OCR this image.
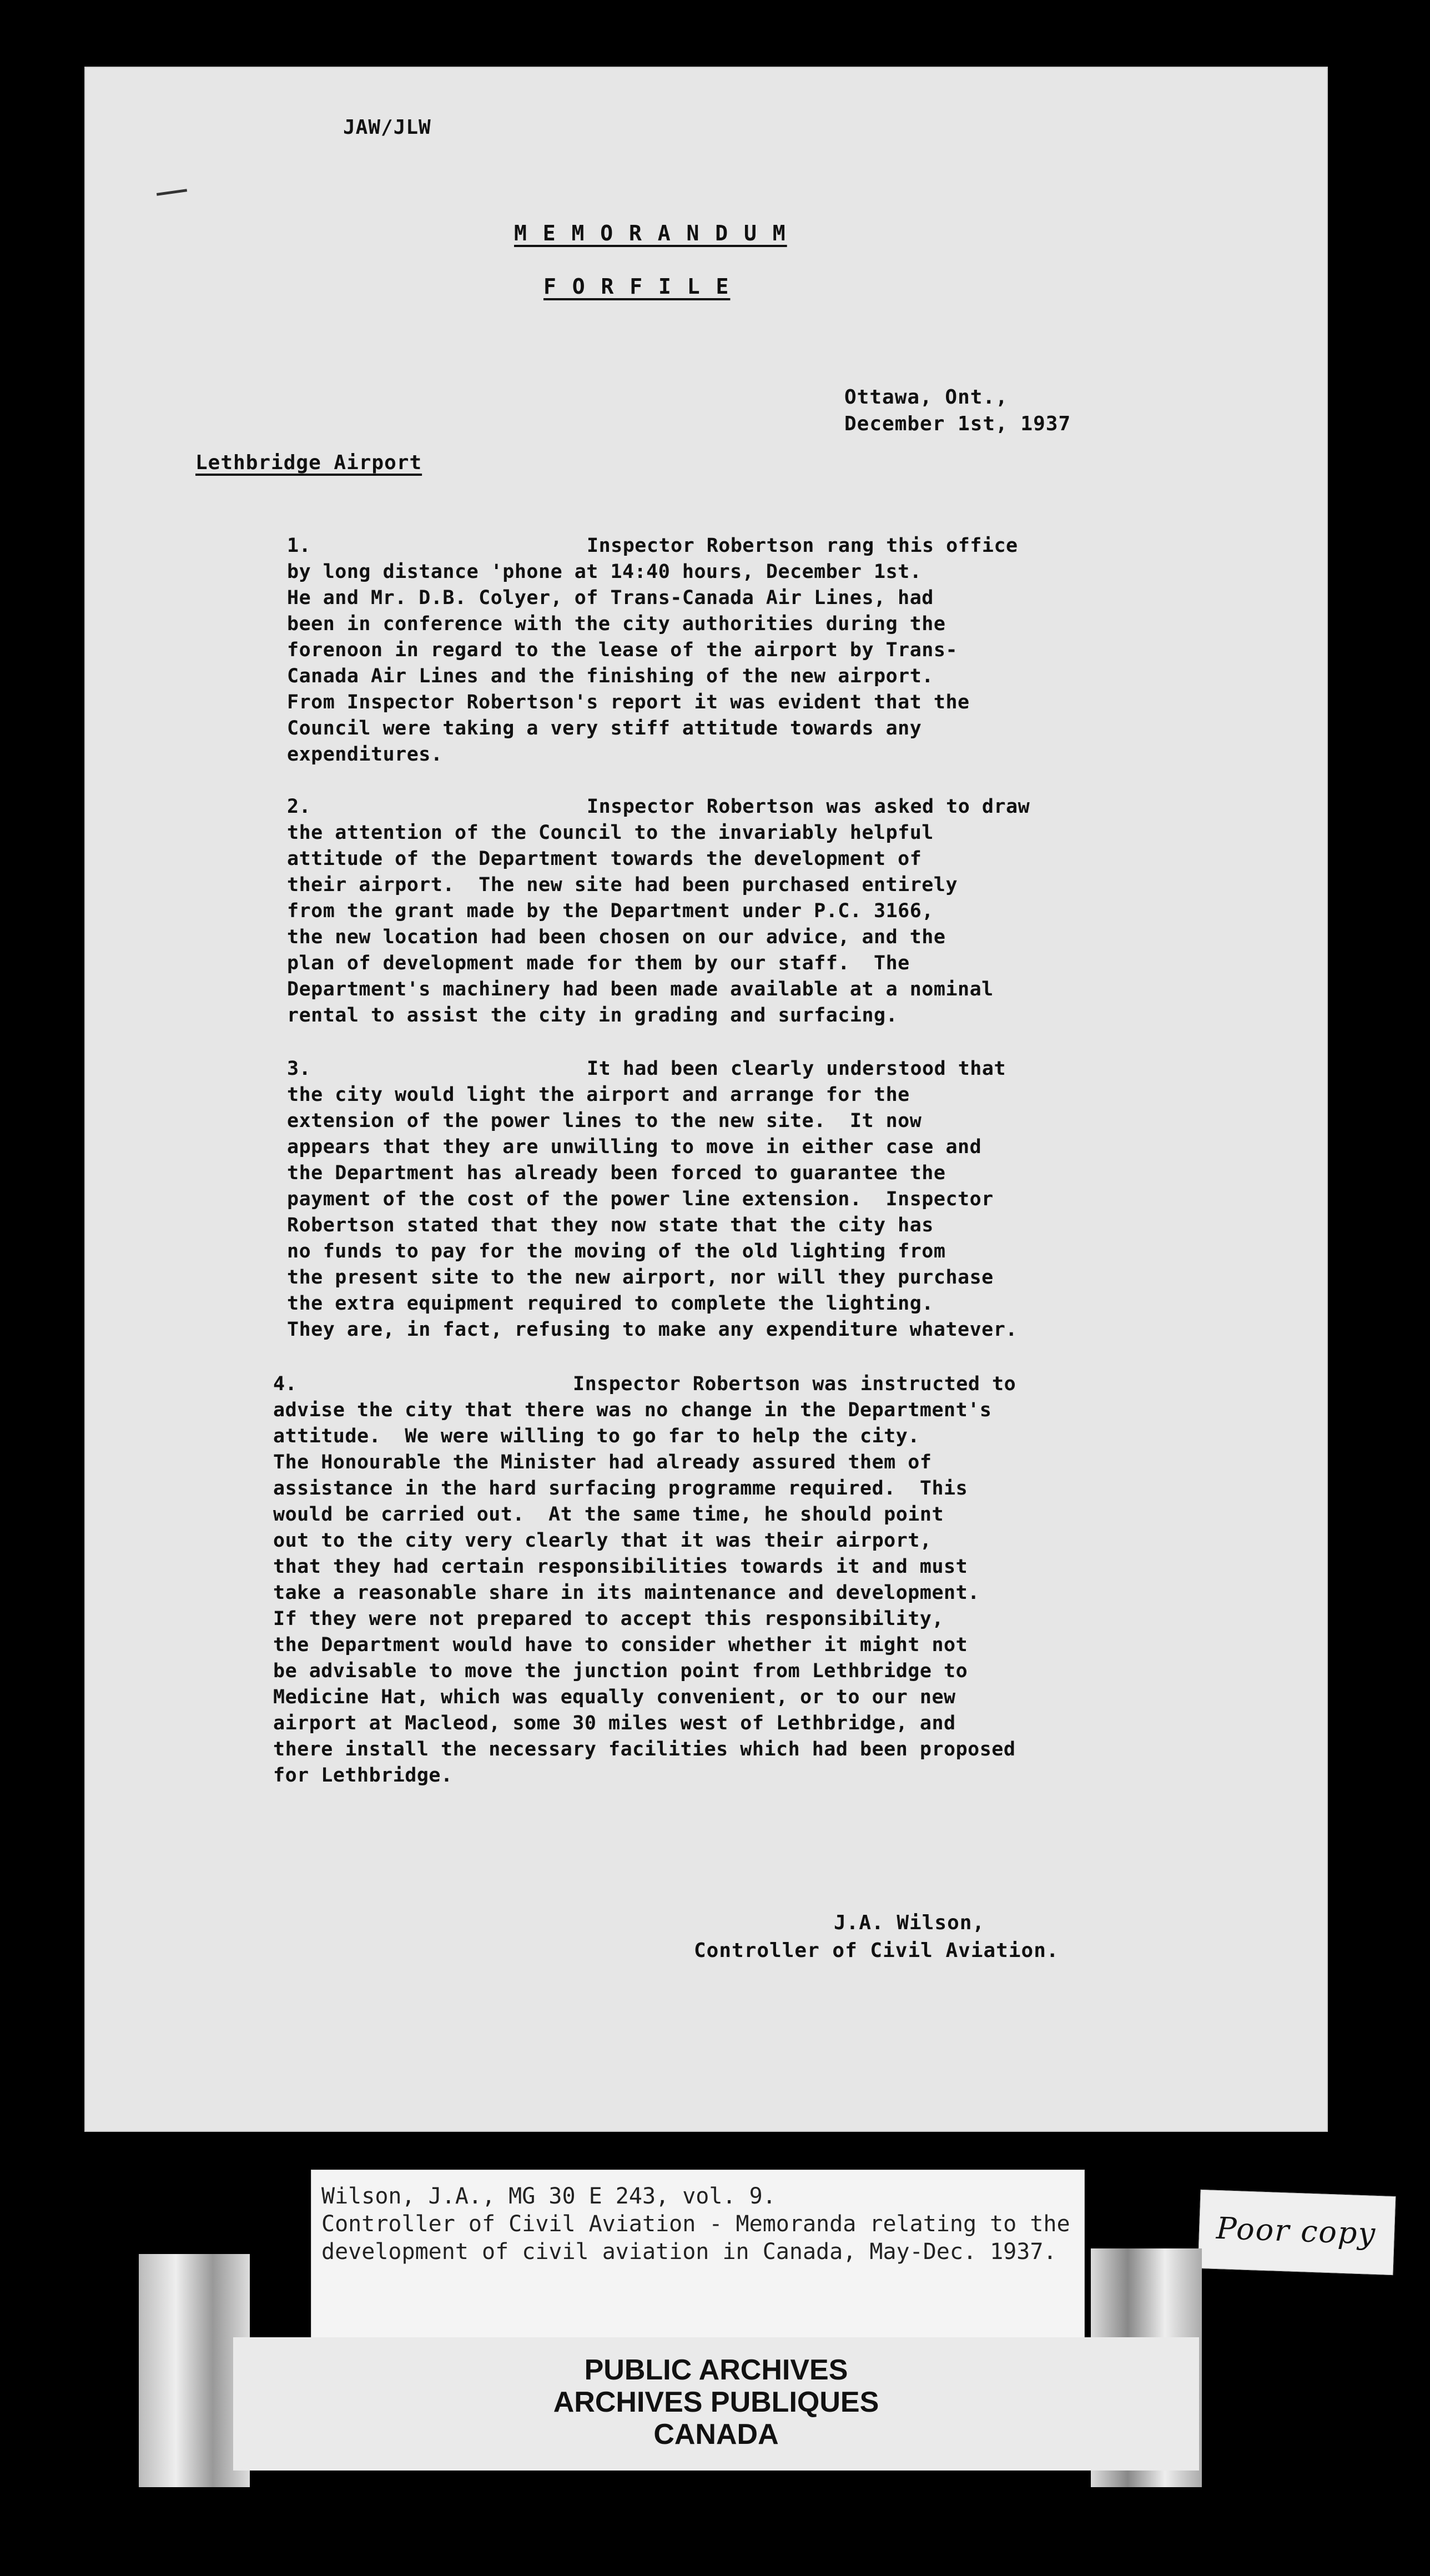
JAW/JLW
M E M O R A N D U M
F O R F I L E
Ottawa, Ont.,
December 1st, 1937
Lethbridge Airport
1.	Inspector Robertson rang this office
by long distance 'phone at 14:40 hours, December 1st.
He and Mr. D.B. Colyer, of Trans-Canada Air Lines, had
been in conference with the city authorities during the
forenoon in regard to the lease of the airport by Trans-
Canada Air Lines and the finishing of the new airport.
From Inspector Robertson's report it was evident that the
Council were taking a very stiff attitude towards any
expenditures.
2.	Inspector Robertson was asked to draw
the attention of the Council to the invariably helpful
attitude of the Department towards the development of
their airport.  The new site had been purchased entirely
from the grant made by the Department under P.C. 3166,
the new location had been chosen on our advice, and the
plan of development made for them by our staff.  The
Department's machinery had been made available at a nominal
rental to assist the city in grading and surfacing.
3.	It had been clearly understood that
the city would light the airport and arrange for the
extension of the power lines to the new site.  It now
appears that they are unwilling to move in either case and
the Department has already been forced to guarantee the
payment of the cost of the power line extension.  Inspector
Robertson stated that they now state that the city has
no funds to pay for the moving of the old lighting from
the present site to the new airport, nor will they purchase
the extra equipment required to complete the lighting.
They are, in fact, refusing to make any expenditure whatever.
4.	Inspector Robertson was instructed to
advise the city that there was no change in the Department's
attitude.  We were willing to go far to help the city.
The Honourable the Minister had already assured them of
assistance in the hard surfacing programme required.  This
would be carried out.  At the same time, he should point
out to the city very clearly that it was their airport,
that they had certain responsibilities towards it and must
take a reasonable share in its maintenance and development.
If they were not prepared to accept this responsibility,
the Department would have to consider whether it might not
be advisable to move the junction point from Lethbridge to
Medicine Hat, which was equally convenient, or to our new
airport at Macleod, some 30 miles west of Lethbridge, and
there install the necessary facilities which had been proposed
for Lethbridge.
J.A. Wilson,
Controller of Civil Aviation.
Wilson, J.A., MG 30 E 243, vol. 9.
Controller of Civil Aviation - Memoranda relating to the
development of civil aviation in Canada, May-Dec. 1937.
Poor copy
PUBLIC ARCHIVES
ARCHIVES PUBLIQUES
CANADA
